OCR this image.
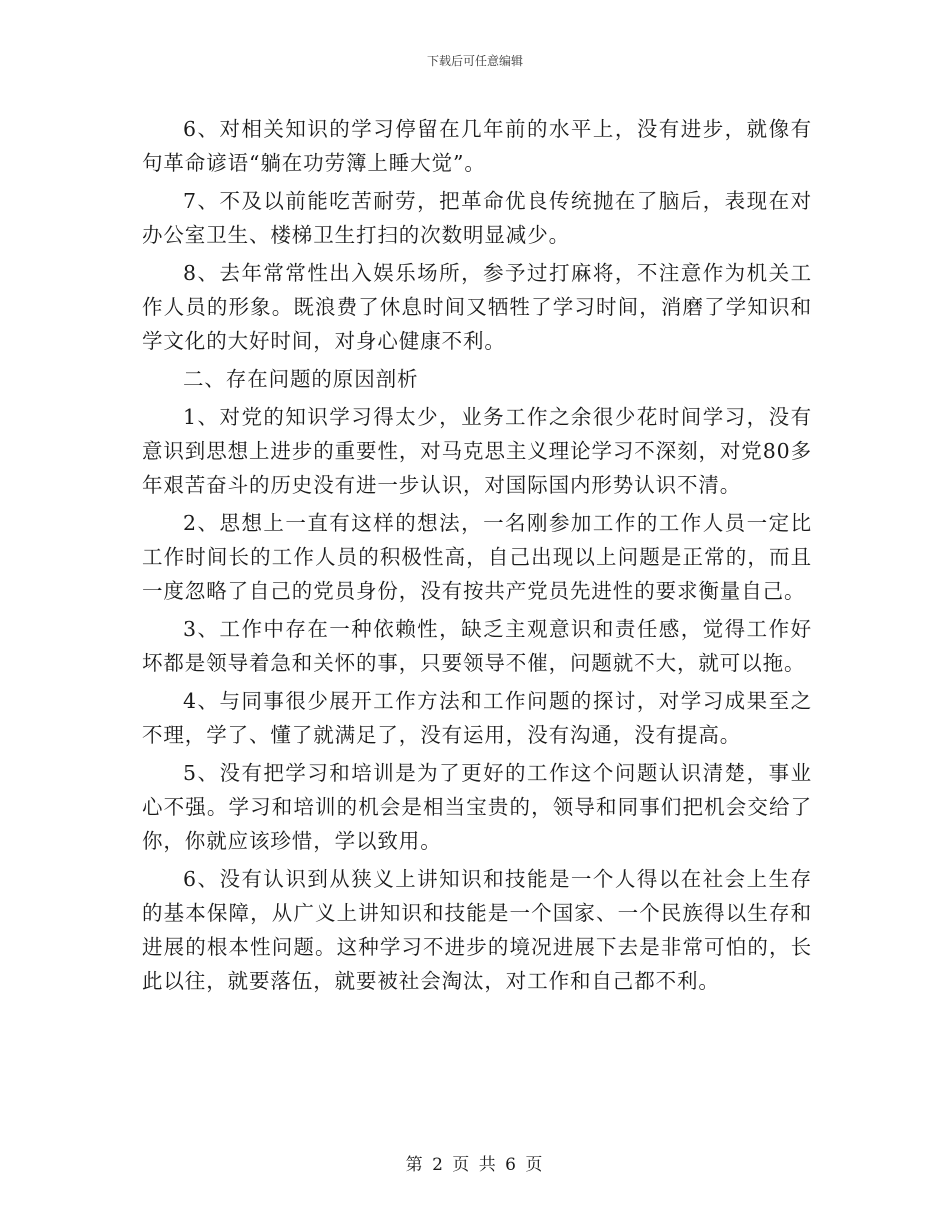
下载后可任意编辑

6、对相关知识的学习停留在几年前的水平上，没有进步，就像有句革命谚语“躺在功劳簿上睡大觉”。

7、不及以前能吃苦耐劳，把革命优良传统抛在了脑后，表现在对办公室卫生、楼梯卫生打扫的次数明显减少。

8、去年常常性出入娱乐场所，参予过打麻将，不注意作为机关工作人员的形象。既浪费了休息时间又牺牲了学习时间，消磨了学知识和学文化的大好时间，对身心健康不利。

二、存在问题的原因剖析

1、对党的知识学习得太少，业务工作之余很少花时间学习，没有意识到思想上进步的重要性，对马克思主义理论学习不深刻，对党80多年艰苦奋斗的历史没有进一步认识，对国际国内形势认识不清。

2、思想上一直有这样的想法，一名刚参加工作的工作人员一定比工作时间长的工作人员的积极性高，自己出现以上问题是正常的，而且一度忽略了自己的党员身份，没有按共产党员先进性的要求衡量自己。

3、工作中存在一种依赖性，缺乏主观意识和责任感，觉得工作好坏都是领导着急和关怀的事，只要领导不催，问题就不大，就可以拖。

4、与同事很少展开工作方法和工作问题的探讨，对学习成果至之不理，学了、懂了就满足了，没有运用，没有沟通，没有提高。

5、没有把学习和培训是为了更好的工作这个问题认识清楚，事业心不强。学习和培训的机会是相当宝贵的，领导和同事们把机会交给了你，你就应该珍惜，学以致用。

6、没有认识到从狭义上讲知识和技能是一个人得以在社会上生存的基本保障，从广义上讲知识和技能是一个国家、一个民族得以生存和进展的根本性问题。这种学习不进步的境况进展下去是非常可怕的，长此以往，就要落伍，就要被社会淘汰，对工作和自己都不利。

第 2 页 共 6 页
